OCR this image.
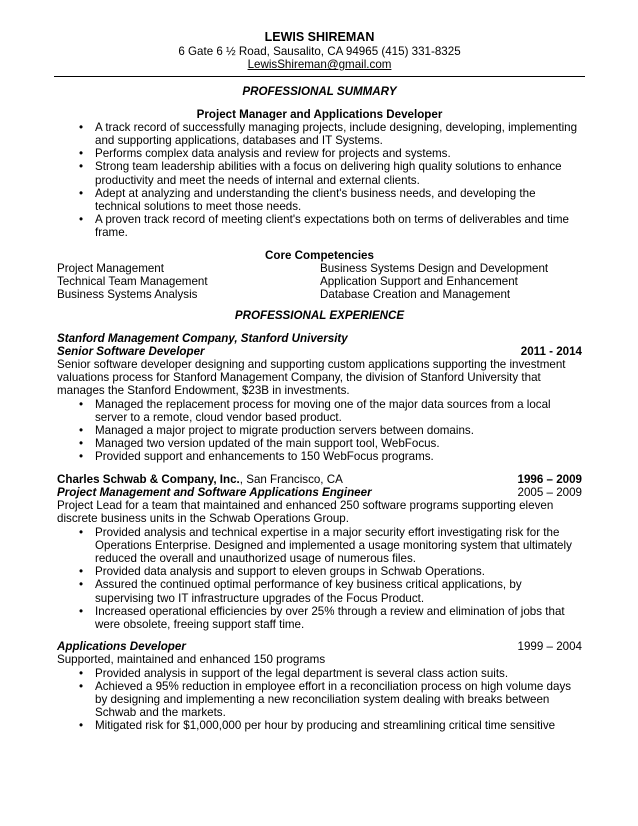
LEWIS SHIREMAN
6 Gate 6 ½ Road, Sausalito, CA 94965 (415) 331-8325
LewisShireman@gmail.com
PROFESSIONAL SUMMARY
Project Manager and Applications Developer
• A track record of successfully managing projects, include designing, developing, implementing and supporting applications, databases and IT Systems.
• Performs complex data analysis and review for projects and systems.
• Strong team leadership abilities with a focus on delivering high quality solutions to enhance productivity and meet the needs of internal and external clients.
• Adept at analyzing and understanding the client's business needs, and developing the technical solutions to meet those needs.
• A proven track record of meeting client's expectations both on terms of deliverables and time frame.
Core Competencies
Project Management	Business Systems Design and Development
Technical Team Management	Application Support and Enhancement
Business Systems Analysis	Database Creation and Management
PROFESSIONAL EXPERIENCE
Stanford Management Company, Stanford University
Senior Software Developer	2011 - 2014
Senior software developer designing and supporting custom applications supporting the investment valuations process for Stanford Management Company, the division of Stanford University that manages the Stanford Endowment, $23B in investments.
• Managed the replacement process for moving one of the major data sources from a local server to a remote, cloud vendor based product.
• Managed a major project to migrate production servers between domains.
• Managed two version updated of the main support tool, WebFocus.
• Provided support and enhancements to 150 WebFocus programs.
Charles Schwab & Company, Inc., San Francisco, CA	1996 – 2009
Project Management and Software Applications Engineer	2005 – 2009
Project Lead for a team that maintained and enhanced 250 software programs supporting eleven discrete business units in the Schwab Operations Group.
• Provided analysis and technical expertise in a major security effort investigating risk for the Operations Enterprise. Designed and implemented a usage monitoring system that ultimately reduced the overall and unauthorized usage of numerous files.
• Provided data analysis and support to eleven groups in Schwab Operations.
• Assured the continued optimal performance of key business critical applications, by supervising two IT infrastructure upgrades of the Focus Product.
• Increased operational efficiencies by over 25% through a review and elimination of jobs that were obsolete, freeing support staff time.
Applications Developer	1999 – 2004
Supported, maintained and enhanced 150 programs
• Provided analysis in support of the legal department is several class action suits.
• Achieved a 95% reduction in employee effort in a reconciliation process on high volume days by designing and implementing a new reconciliation system dealing with breaks between Schwab and the markets.
• Mitigated risk for $1,000,000 per hour by producing and streamlining critical time sensitive
